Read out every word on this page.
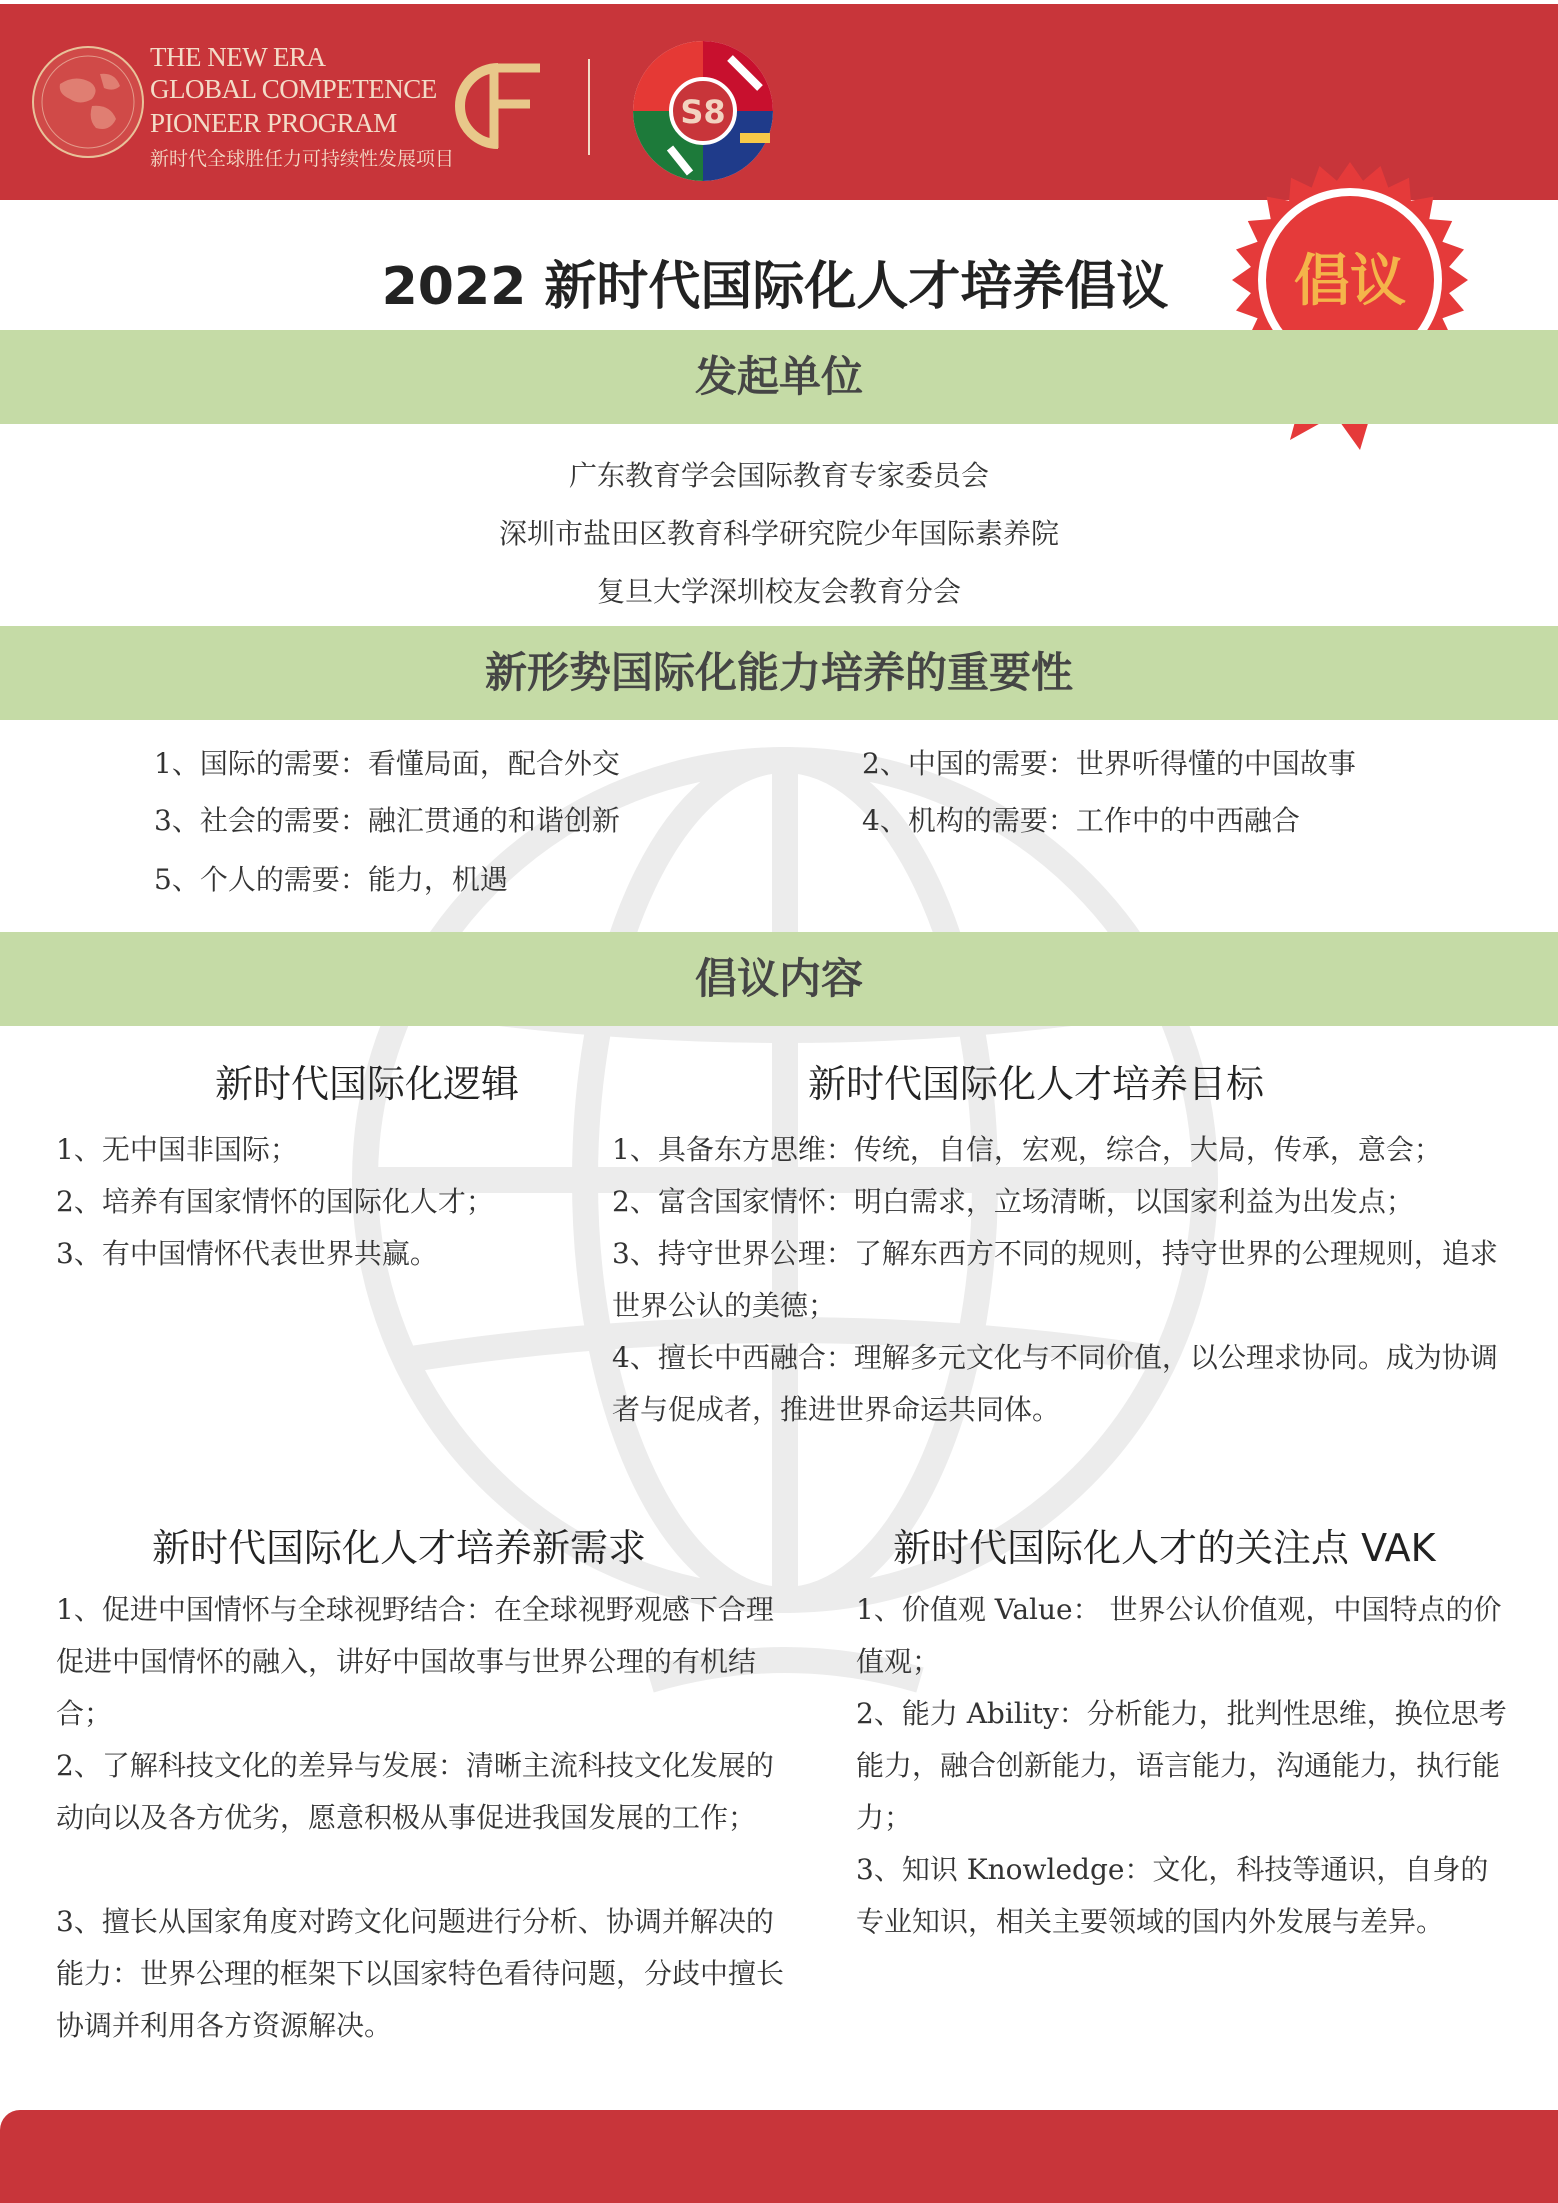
THE NEW ERA
GLOBAL COMPETENCE
PIONEER PROGRAM
新时代全球胜任力可持续性发展项目
S8
2022 新时代国际化人才培养倡议	倡议
发起单位
广东教育学会国际教育专家委员会
深圳市盐田区教育科学研究院少年国际素养院
复旦大学深圳校友会教育分会
新形势国际化能力培养的重要性
1、国际的需要：看懂局面，配合外交	2、中国的需要：世界听得懂的中国故事
3、社会的需要：融汇贯通的和谐创新	4、机构的需要：工作中的中西融合
5、个人的需要：能力，机遇
倡议内容
新时代国际化逻辑
1、无中国非国际；
2、培养有国家情怀的国际化人才；
3、有中国情怀代表世界共赢。
新时代国际化人才培养目标
1、具备东方思维：传统，自信，宏观，综合，大局，传承，意会；
2、富含国家情怀：明白需求，立场清晰，以国家利益为出发点；
3、持守世界公理：了解东西方不同的规则，持守世界的公理规则，追求世界公认的美德；
4、擅长中西融合：理解多元文化与不同价值，以公理求协同。成为协调者与促成者，推进世界命运共同体。
新时代国际化人才培养新需求
1、促进中国情怀与全球视野结合：在全球视野观感下合理促进中国情怀的融入，讲好中国故事与世界公理的有机结合；
2、了解科技文化的差异与发展：清晰主流科技文化发展的动向以及各方优劣，愿意积极从事促进我国发展的工作；
3、擅长从国家角度对跨文化问题进行分析、协调并解决的能力：世界公理的框架下以国家特色看待问题，分歧中擅长协调并利用各方资源解决。
新时代国际化人才的关注点 VAK
1、价值观 Value： 世界公认价值观，中国特点的价值观；
2、能力 Ability：分析能力，批判性思维，换位思考能力，融合创新能力，语言能力，沟通能力，执行能力；
3、知识 Knowledge：文化，科技等通识，自身的专业知识，相关主要领域的国内外发展与差异。
